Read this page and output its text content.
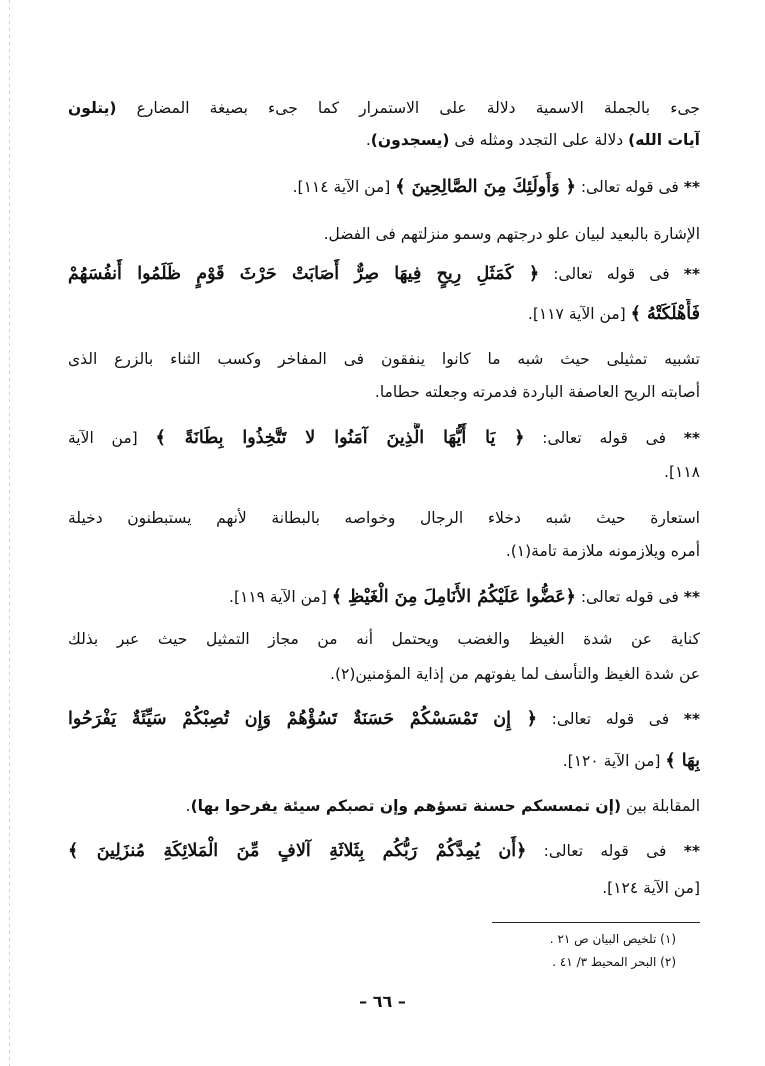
جىء بالجملة الاسمية دلالة على الاستمرار كما جىء بصيغة المضارع (يتلون
آيات الله) دلالة على التجدد ومثله فى (يسجدون).
** فى قوله تعالى: ﴿ وَأُولَئِكَ مِنَ الصَّالِحِينَ ﴾ [من الآية ١١٤].
الإشارة بالبعيد لبيان علو درجتهم وسمو منزلتهم فى الفضل.
** فى قوله تعالى: ﴿ كَمَثَلِ رِيحٍ فِيهَا صِرٌّ أَصَابَتْ حَرْثَ قَوْمٍ ظَلَمُوا أَنفُسَهُمْ
فَأَهْلَكَتْهُ ﴾ [من الآية ١١٧].
تشبيه تمثيلى حيث شبه ما كانوا ينفقون فى المفاخر وكسب الثناء بالزرع الذى
أصابته الريح العاصفة الباردة فدمرته وجعلته حطاما.
** فى قوله تعالى: ﴿ يَا أَيُّهَا الَّذِينَ آمَنُوا لا تَتَّخِذُوا بِطَانَةً ﴾ [من الآية
١١٨].
استعارة حيث شبه دخلاء الرجال وخواصه بالبطانة لأنهم يستبطنون دخيلة
أمره ويلازمونه ملازمة تامة(١).
** فى قوله تعالى: ﴿عَضُّوا عَلَيْكُمُ الأَنَامِلَ مِنَ الْغَيْظِ ﴾ [من الآية ١١٩].
كناية عن شدة الغيظ والغضب ويحتمل أنه من مجاز التمثيل حيث عبر بذلك
عن شدة الغيظ والتأسف لما يفوتهم من إذاية المؤمنين(٢).
** فى قوله تعالى: ﴿ إِن تَمْسَسْكُمْ حَسَنَةٌ تَسُؤْهُمْ وَإِن تُصِبْكُمْ سَيِّئَةٌ يَفْرَحُوا
بِهَا ﴾ [من الآية ١٢٠].
المقابلة بين (إن تمسسكم حسنة تسؤهم وإن تصبكم سيئة يفرحوا بها).
** فى قوله تعالى: ﴿أَن يُمِدَّكُمْ رَبُّكُم بِثَلاثَةِ آلافٍ مِّنَ الْمَلائِكَةِ مُنزَلِينَ ﴾
[من الآية ١٢٤].
(١) تلخيص البيان ص ٢١ .
(٢) البحر المحيط ٣/ ٤١ .
– ٦٦ –
